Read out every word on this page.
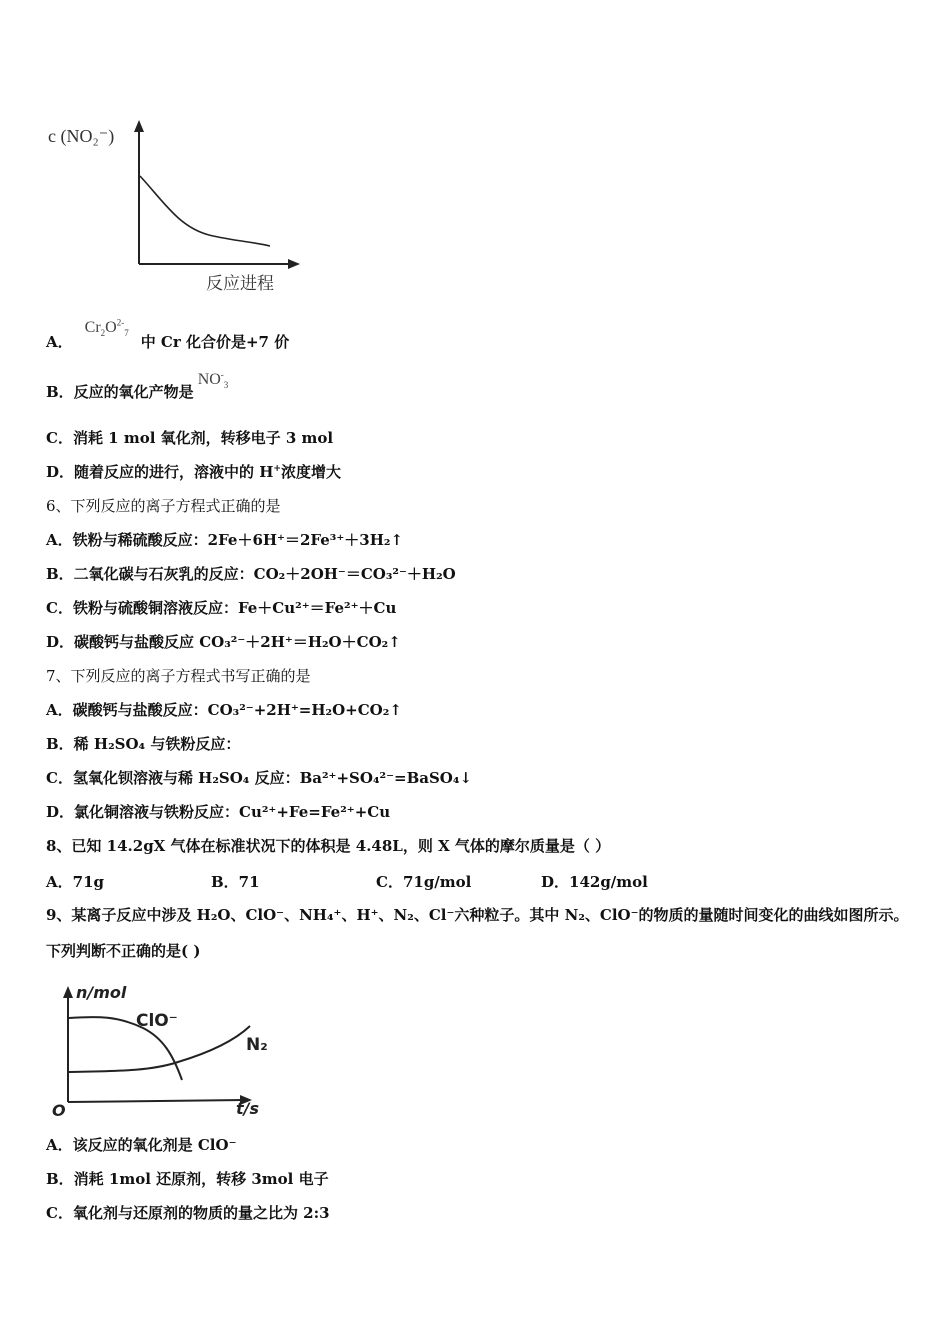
c (NO₂⁻)
反应进程
A．
$Cr_2O^{2-}_7$ 中 Cr 化合价是+7 价
B．反应的氧化产物是
$NO^-_3$
C．消耗 1 mol 氧化剂，转移电子 3 mol
D．随着反应的进行，溶液中的 H+浓度增大
6、下列反应的离子方程式正确的是
A．铁粉与稀硫酸反应：2Fe＋6H⁺＝2Fe³⁺＋3H₂↑
B．二氧化碳与石灰乳的反应：CO₂＋2OH⁻＝CO₃²⁻＋H₂O
C．铁粉与硫酸铜溶液反应：Fe＋Cu²⁺＝Fe²⁺＋Cu
D．碳酸钙与盐酸反应 CO₃²⁻＋2H⁺＝H₂O＋CO₂↑
7、下列反应的离子方程式书写正确的是
A．碳酸钙与盐酸反应：CO₃²⁻+2H⁺=H₂O+CO₂↑
B．稀 H₂SO₄ 与铁粉反应：
C．氢氧化钡溶液与稀 H₂SO₄ 反应：Ba²⁺+SO₄²⁻=BaSO₄↓
D．氯化铜溶液与铁粉反应：Cu²⁺+Fe=Fe²⁺+Cu
8、已知 14.2gX 气体在标准状况下的体积是 4.48L，则 X 气体的摩尔质量是（ ）
A．71g	B．71	C．71g/mol	D．142g/mol
9、某离子反应中涉及 H₂O、ClO⁻、NH₄⁺、H⁺、N₂、Cl⁻六种粒子。其中 N₂、ClO⁻的物质的量随时间变化的曲线如图所示。下列判断不正确的是( )
n/mol
ClO⁻
N₂
O	t/s
A．该反应的氧化剂是 ClO⁻
B．消耗 1mol 还原剂，转移 3mol 电子
C．氧化剂与还原剂的物质的量之比为 2:3
